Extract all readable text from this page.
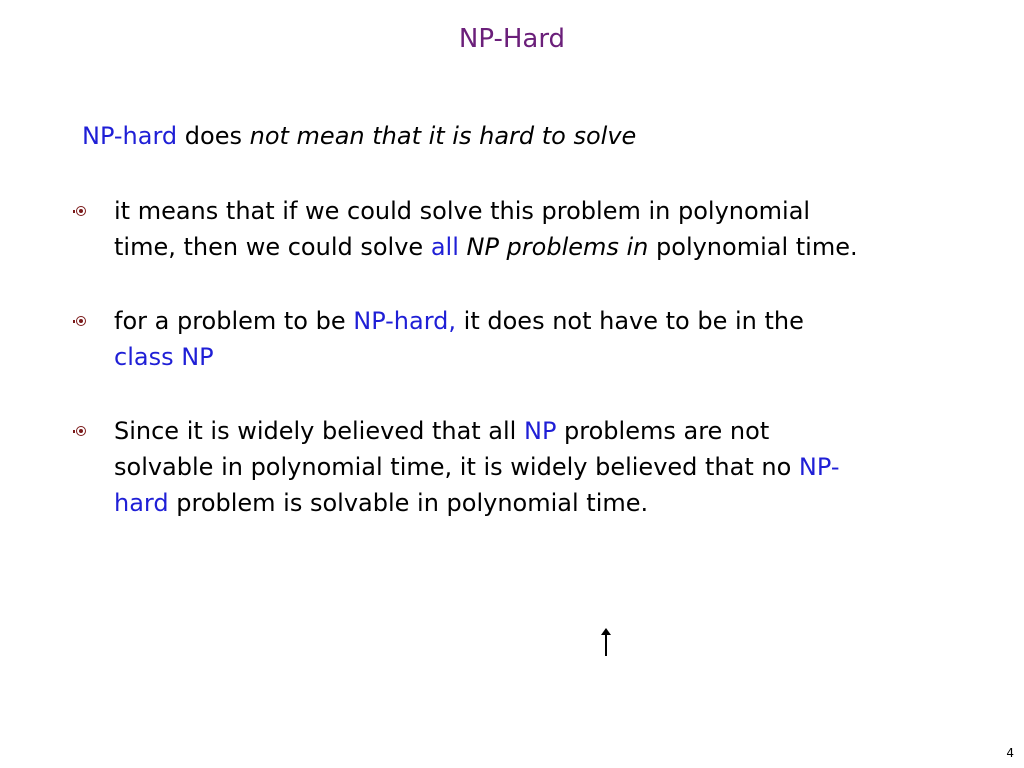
NP-Hard
NP-hard does not mean that it is hard to solve
it means that if we could solve this problem in polynomial
time, then we could solve all NP problems in polynomial time.
for a problem to be NP-hard, it does not have to be in the
class NP
Since it is widely believed that all NP problems are not
solvable in polynomial time, it is widely believed that no NP-
hard problem is solvable in polynomial time.
4
